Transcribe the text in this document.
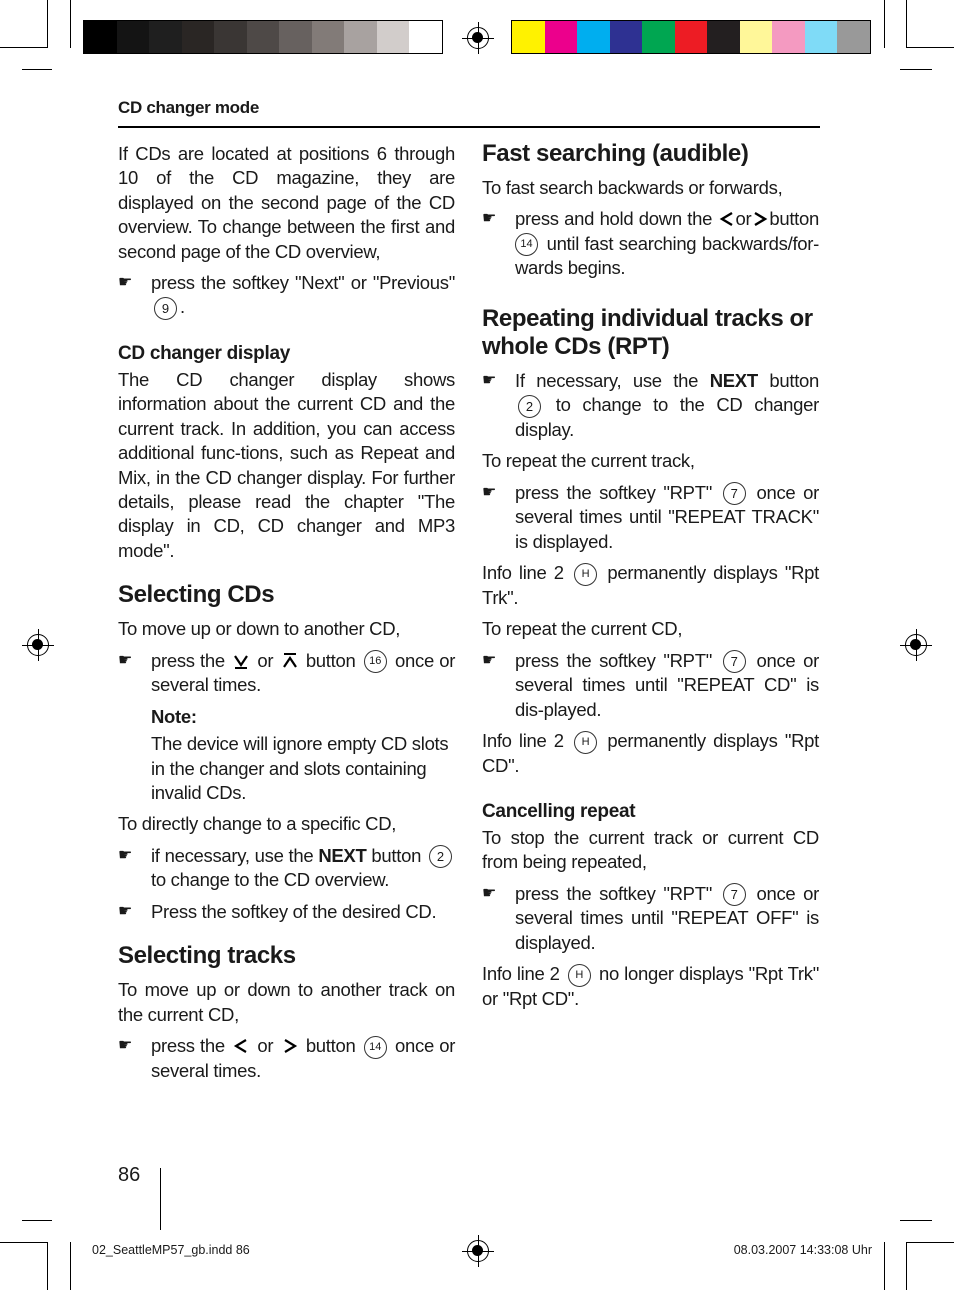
CD changer mode

If CDs are located at positions 6 through 10 of the CD magazine, they are displayed on the second page of the CD overview. To change between the first and second page of the CD overview,

☛ press the softkey "Next" or "Previous" 9 .
CD changer display

The CD changer display shows information about the current CD and the current track. In addition, you can access additional func-tions, such as Repeat and Mix, in the CD changer display. For further details, please read the chapter "The display in CD, CD changer and MP3 mode".

Selecting CDs

To move up or down to another CD,

☛ press the or button 16 once or several times.
Note:
The device will ignore empty CD slots in the changer and slots containing invalid CDs.

To directly change to a specific CD,

☛ if necessary, use the NEXT button 2 to change to the CD overview.
☛ Press the softkey of the desired CD.
Selecting tracks

To move up or down to another track on the current CD,

☛ press the or button 14 once or several times.
Fast searching (audible)

To fast search backwards or forwards,

☛ press and hold down the or button 14 until fast searching backwards/for-wards begins.
Repeating individual tracks or whole CDs (RPT)
☛ If necessary, use the NEXT button 2 to change to the CD changer display.

To repeat the current track,

☛ press the softkey "RPT" 7 once or several times until "REPEAT TRACK" is displayed.

Info line 2 H permanently displays "Rpt Trk".

To repeat the current CD,

☛ press the softkey "RPT" 7 once or several times until "REPEAT CD" is dis-played.

Info line 2 H permanently displays "Rpt CD".

Cancelling repeat

To stop the current track or current CD from being repeated,

☛ press the softkey "RPT" 7 once or several times until "REPEAT OFF" is displayed.

Info line 2 H no longer displays "Rpt Trk" or "Rpt CD".

86
02_SeattleMP57_gb.indd 86	08.03.2007 14:33:08 Uhr
